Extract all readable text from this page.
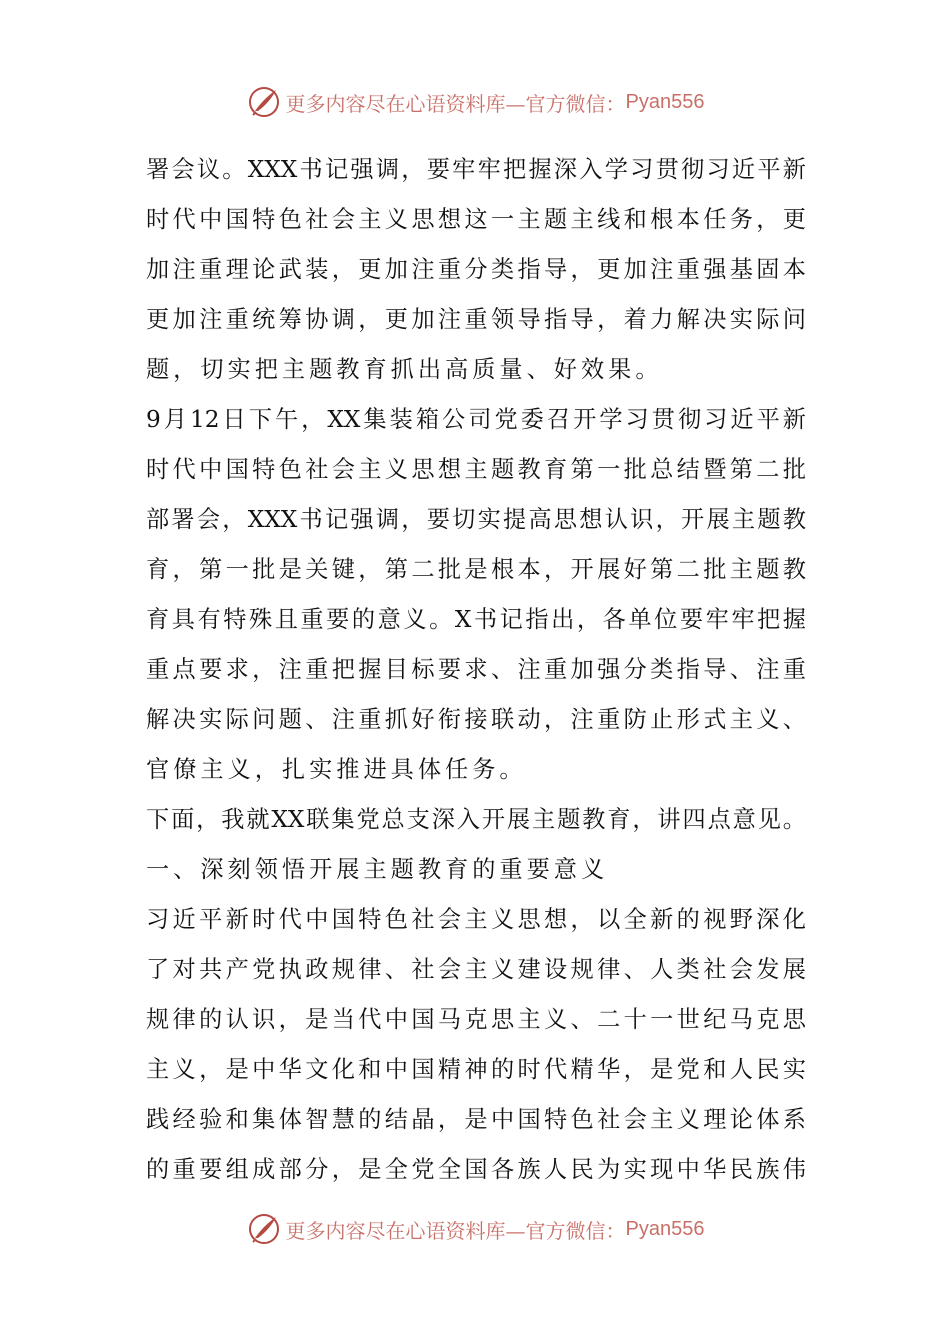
更多内容尽在心语资料库—官方微信： Pyan556
署会议。XXX书记强调，要牢牢把握深入学习贯彻习近平新
时代中国特色社会主义思想这一主题主线和根本任务，更
加注重理论武装，更加注重分类指导，更加注重强基固本
更加注重统筹协调，更加注重领导指导，着力解决实际问
题，切实把主题教育抓出高质量、好效果。
9月12日下午，XX集装箱公司党委召开学习贯彻习近平新
时代中国特色社会主义思想主题教育第一批总结暨第二批
部署会，XXX书记强调，要切实提高思想认识，开展主题教
育，第一批是关键，第二批是根本，开展好第二批主题教
育具有特殊且重要的意义。X书记指出，各单位要牢牢把握
重点要求，注重把握目标要求、注重加强分类指导、注重
解决实际问题、注重抓好衔接联动，注重防止形式主义、
官僚主义，扎实推进具体任务。
下面，我就XX联集党总支深入开展主题教育，讲四点意见。
一、深刻领悟开展主题教育的重要意义
习近平新时代中国特色社会主义思想，以全新的视野深化
了对共产党执政规律、社会主义建设规律、人类社会发展
规律的认识，是当代中国马克思主义、二十一世纪马克思
主义，是中华文化和中国精神的时代精华，是党和人民实
践经验和集体智慧的结晶，是中国特色社会主义理论体系
的重要组成部分，是全党全国各族人民为实现中华民族伟
更多内容尽在心语资料库—官方微信： Pyan556
